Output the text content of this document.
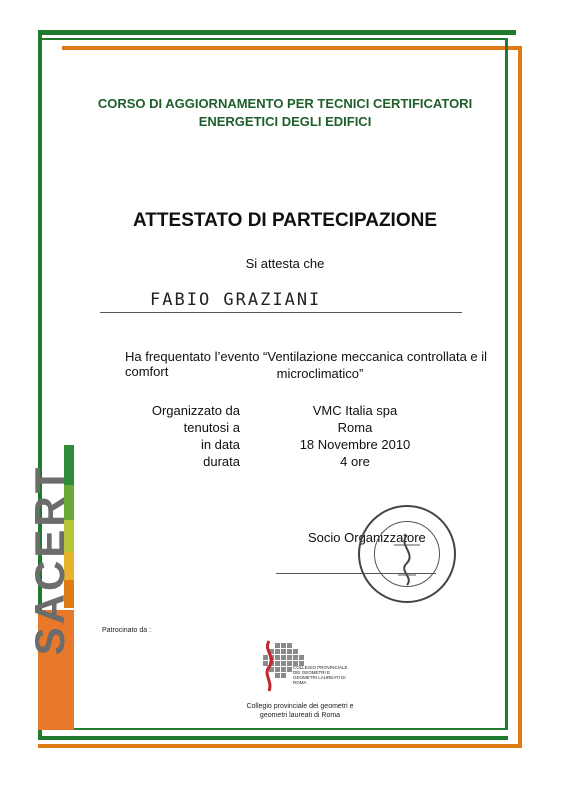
CORSO DI AGGIORNAMENTO PER TECNICI CERTIFICATORI
ENERGETICI DEGLI EDIFICI
ATTESTATO DI PARTECIPAZIONE
Si attesta che
FABIO GRAZIANI
Ha frequentato l’evento “Ventilazione meccanica controllata e il comfort	microclimatico”
Organizzato da
tenutosi a
in data
durata
VMC Italia spa
Roma
18 Novembre 2010
4 ore
Socio Organizzatore
SACERT	Patrocinato da :
COLLEGIO PROVINCIALE DEI GEOMETRI E GEOMETRI LAUREATI DI ROMA
Collegio provinciale dei geometri e
geometri laureati di Roma
